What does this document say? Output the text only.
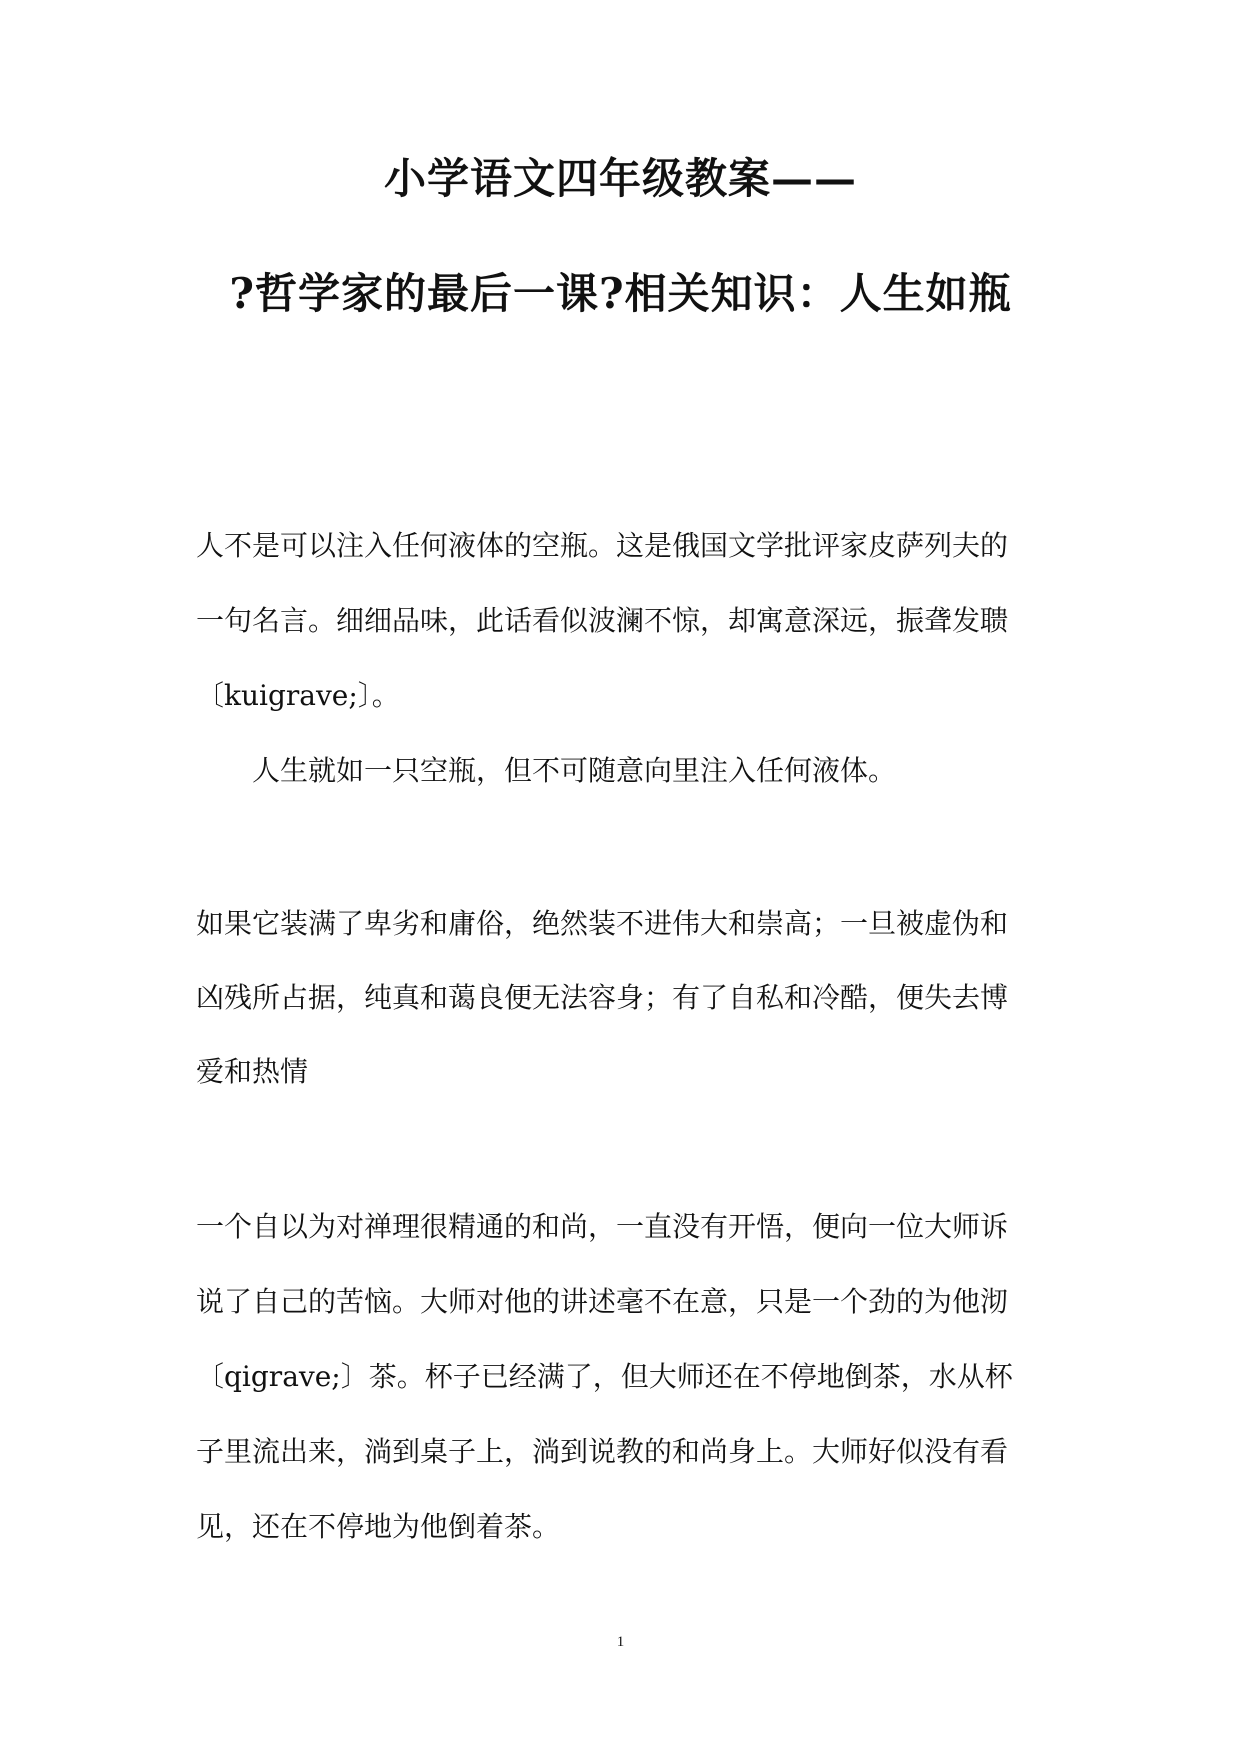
小学语文四年级教案——
?哲学家的最后一课?相关知识：人生如瓶
人不是可以注入任何液体的空瓶。这是俄国文学批评家皮萨列夫的
一句名言。细细品味，此话看似波澜不惊，却寓意深远，振聋发聩
〔kuigrave;〕。
人生就如一只空瓶，但不可随意向里注入任何液体。
如果它装满了卑劣和庸俗，绝然装不进伟大和崇高；一旦被虚伪和
凶残所占据，纯真和蔼良便无法容身；有了自私和冷酷，便失去博
爱和热情
一个自以为对禅理很精通的和尚，一直没有开悟，便向一位大师诉
说了自己的苦恼。大师对他的讲述毫不在意，只是一个劲的为他沏
〔qigrave;〕茶。杯子已经满了，但大师还在不停地倒茶，水从杯
子里流出来，淌到桌子上，淌到说教的和尚身上。大师好似没有看
见，还在不停地为他倒着茶。
1
